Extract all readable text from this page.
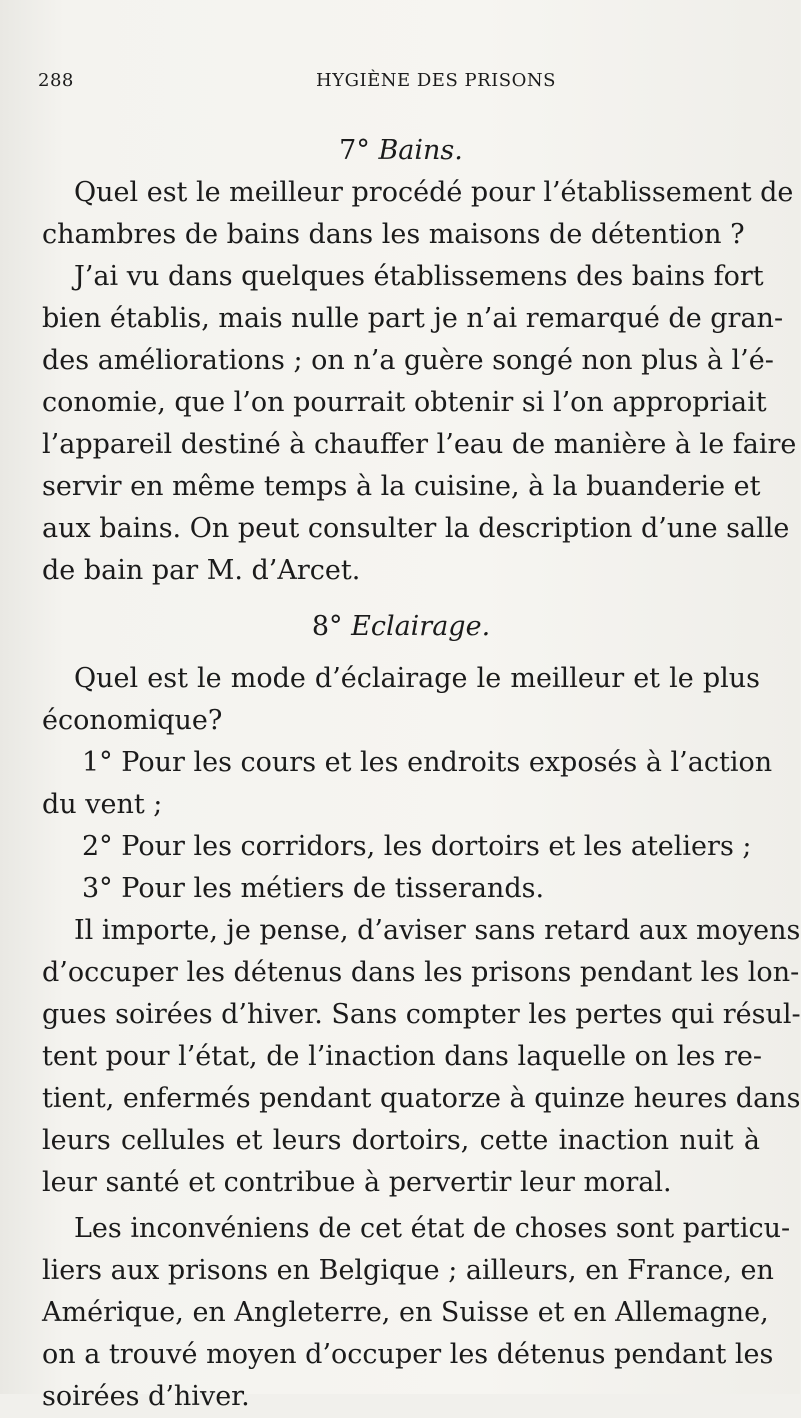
288	HYGIÈNE DES PRISONS
7° Bains.
Quel est le meilleur procédé pour l’établissement de
chambres de bains dans les maisons de détention ?
J’ai vu dans quelques établissemens des bains fort
bien établis, mais nulle part je n’ai remarqué de gran-
des améliorations ; on n’a guère songé non plus à l’é-
conomie, que l’on pourrait obtenir si l’on appropriait
l’appareil destiné à chauffer l’eau de manière à le faire
servir en même temps à la cuisine, à la buanderie et
aux bains. On peut consulter la description d’une salle
de bain par M. d’Arcet.
8° Eclairage.
Quel est le mode d’éclairage le meilleur et le plus
économique?
1° Pour les cours et les endroits exposés à l’action
du vent ;
2° Pour les corridors, les dortoirs et les ateliers ;
3° Pour les métiers de tisserands.
Il importe, je pense, d’aviser sans retard aux moyens
d’occuper les détenus dans les prisons pendant les lon-
gues soirées d’hiver. Sans compter les pertes qui résul-
tent pour l’état, de l’inaction dans laquelle on les re-
tient, enfermés pendant quatorze à quinze heures dans
leurs cellules et leurs dortoirs, cette inaction nuit à
leur santé et contribue à pervertir leur moral.
Les inconvéniens de cet état de choses sont particu-
liers aux prisons en Belgique ; ailleurs, en France, en
Amérique, en Angleterre, en Suisse et en Allemagne,
on a trouvé moyen d’occuper les détenus pendant les
soirées d’hiver.
